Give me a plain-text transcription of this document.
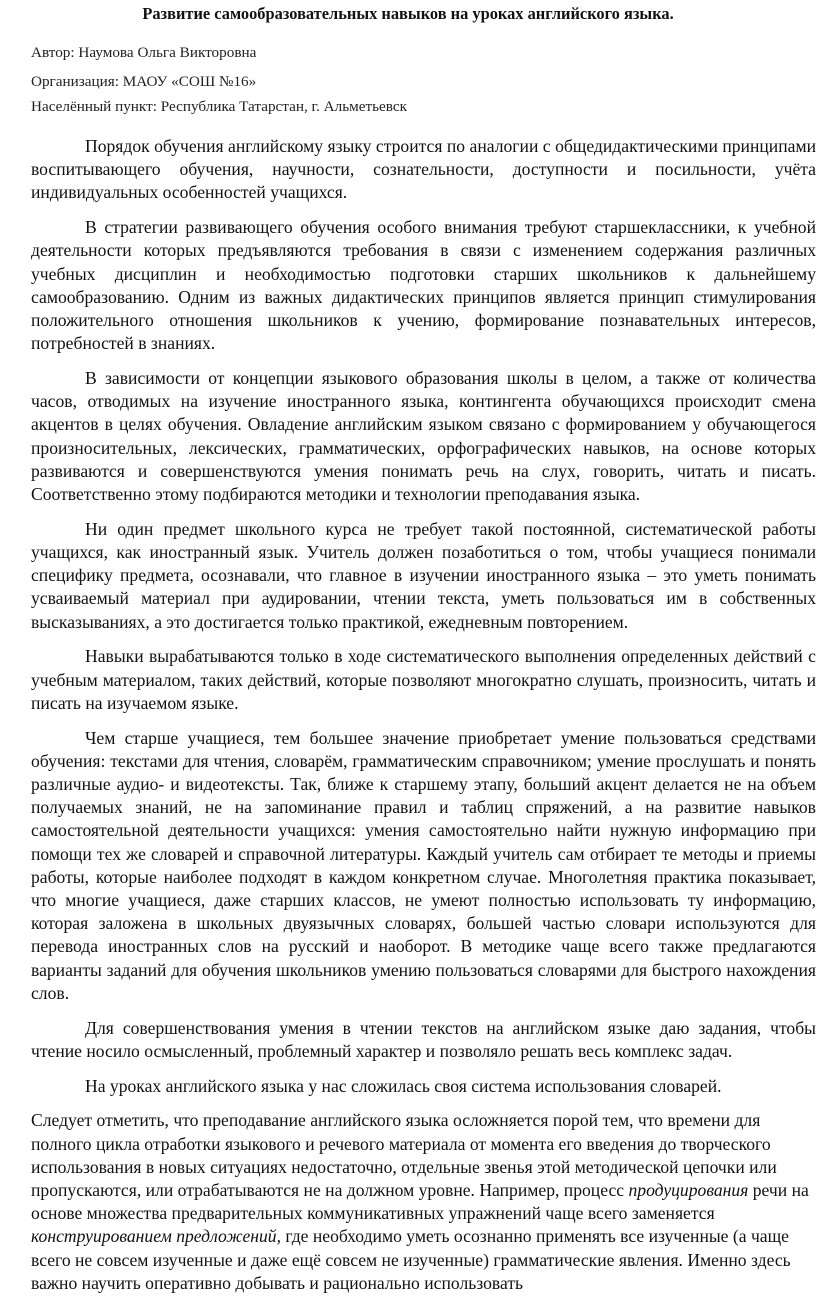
Развитие самообразовательных навыков на уроках английского языка.

Автор: Наумова Ольга Викторовна

Организация: МАОУ «СОШ №16»

Населённый пункт: Республика Татарстан, г. Альметьевск

Порядок обучения английскому языку строится по аналогии с общедидактическими принципами воспитывающего обучения, научности, сознательности, доступности и посильности, учёта индивидуальных особенностей учащихся.

В стратегии развивающего обучения особого внимания требуют старшеклассники, к учебной деятельности которых предъявляются требования в связи с изменением содержания различных учебных дисциплин и необходимостью подготовки старших школьников к дальнейшему самообразованию. Одним из важных дидактических принципов является принцип стимулирования положительного отношения школьников к учению, формирование познавательных интересов, потребностей в знаниях.

В зависимости от концепции языкового образования школы в целом, а также от количества часов, отводимых на изучение иностранного языка, контингента обучающихся происходит смена акцентов в целях обучения. Овладение английским языком связано с формированием у обучающегося произносительных, лексических, грамматических, орфографических навыков, на основе которых развиваются и совершенствуются умения понимать речь на слух, говорить, читать и писать. Соответственно этому подбираются методики и технологии преподавания языка.

Ни один предмет школьного курса не требует такой постоянной, систематической работы учащихся, как иностранный язык. Учитель должен позаботиться о том, чтобы учащиеся понимали специфику предмета, осознавали, что главное в изучении иностранного языка – это уметь понимать усваиваемый материал при аудировании, чтении текста, уметь пользоваться им в собственных высказываниях, а это достигается только практикой, ежедневным повторением.

Навыки вырабатываются только в ходе систематического выполнения определенных действий с учебным материалом, таких действий, которые позволяют многократно слушать, произносить, читать и писать на изучаемом языке.

Чем старше учащиеся, тем большее значение приобретает умение пользоваться средствами обучения: текстами для чтения, словарём, грамматическим справочником; умение прослушать и понять различные аудио- и видеотексты. Так, ближе к старшему этапу, больший акцент делается не на объем получаемых знаний, не на запоминание правил и таблиц спряжений, а на развитие навыков самостоятельной деятельности учащихся: умения самостоятельно найти нужную информацию при помощи тех же словарей и справочной литературы. Каждый учитель сам отбирает те методы и приемы работы, которые наиболее подходят в каждом конкретном случае. Многолетняя практика показывает, что многие учащиеся, даже старших классов, не умеют полностью использовать ту информацию, которая заложена в школьных двуязычных словарях, большей частью словари используются для перевода иностранных слов на русский и наоборот. В методике чаще всего также предлагаются варианты заданий для обучения школьников умению пользоваться словарями для быстрого нахождения слов.

Для совершенствования умения в чтении текстов на английском языке даю задания, чтобы чтение носило осмысленный, проблемный характер и позволяло решать весь комплекс задач.

На уроках английского языка у нас сложилась своя система использования словарей.

Следует отметить, что преподавание английского языка осложняется порой тем, что времени для полного цикла отработки языкового и речевого материала от момента его введения до творческого использования в новых ситуациях недостаточно, отдельные звенья этой методической цепочки или пропускаются, или отрабатываются не на должном уровне. Например, процесс продуцирования речи на основе множества предварительных коммуникативных упражнений чаще всего заменяется конструированием предложений, где необходимо уметь осознанно применять все изученные (а чаще всего не совсем изученные и даже ещё совсем не изученные) грамматические явления. Именно здесь важно научить оперативно добывать и рационально использовать
